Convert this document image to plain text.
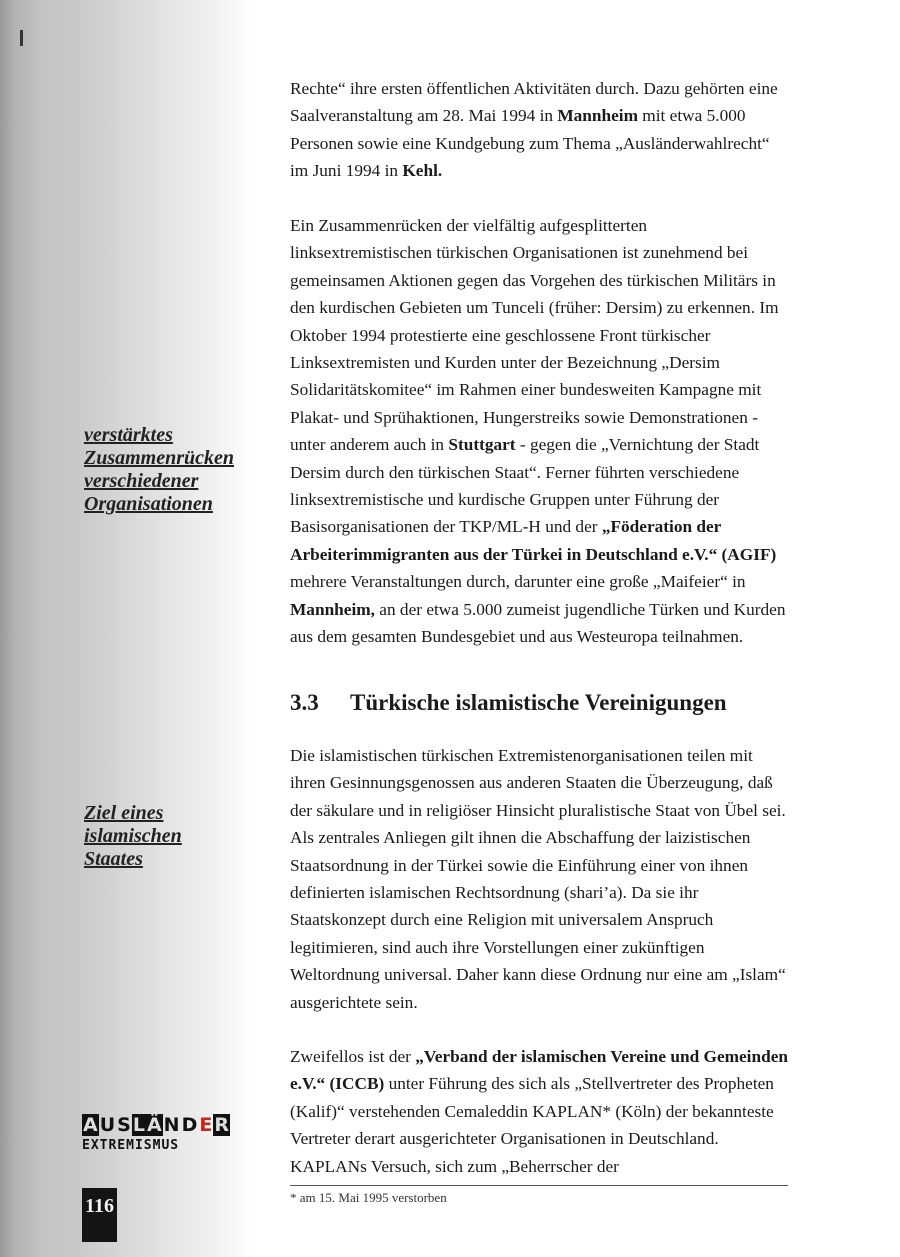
verstärktes
Zusammenrücken
verschiedener
Organisationen
Ziel eines
islamischen
Staates
A U S L Ä N D E R
EXTREMISMUS
116

Rechte“ ihre ersten öffentlichen Aktivitäten durch. Dazu gehörten eine Saalveranstaltung am 28. Mai 1994 in Mannheim mit etwa 5.000 Personen sowie eine Kundgebung zum Thema „Ausländerwahlrecht“ im Juni 1994 in Kehl.

Ein Zusammenrücken der vielfältig aufgesplitterten linksextremistischen türkischen Organisationen ist zunehmend bei gemeinsamen Aktionen gegen das Vorgehen des türkischen Militärs in den kurdischen Gebieten um Tunceli (früher: Dersim) zu erkennen. Im Oktober 1994 protestierte eine geschlossene Front türkischer Linksextremisten und Kurden unter der Bezeichnung „Dersim Solidaritätskomitee“ im Rahmen einer bundesweiten Kampagne mit Plakat- und Sprühaktionen, Hungerstreiks sowie Demonstrationen - unter anderem auch in Stuttgart - gegen die „Vernichtung der Stadt Dersim durch den türkischen Staat“. Ferner führten verschiedene linksextremistische und kurdische Gruppen unter Führung der Basisorganisationen der TKP/ML-H und der „Föderation der Arbeiterimmigranten aus der Türkei in Deutschland e.V.“ (AGIF) mehrere Veranstaltungen durch, darunter eine große „Maifeier“ in Mannheim, an der etwa 5.000 zumeist jugendliche Türken und Kurden aus dem gesamten Bundesgebiet und aus Westeuropa teilnahmen.

3.3 Türkische islamistische Vereinigungen

Die islamistischen türkischen Extremistenorganisationen teilen mit ihren Gesinnungsgenossen aus anderen Staaten die Überzeugung, daß der säkulare und in religiöser Hinsicht pluralistische Staat von Übel sei. Als zentrales Anliegen gilt ihnen die Abschaffung der laizistischen Staatsordnung in der Türkei sowie die Einführung einer von ihnen definierten islamischen Rechtsordnung (shari’a). Da sie ihr Staatskonzept durch eine Religion mit universalem Anspruch legitimieren, sind auch ihre Vorstellungen einer zukünftigen Weltordnung universal. Daher kann diese Ordnung nur eine am „Islam“ ausgerichtete sein.

Zweifellos ist der „Verband der islamischen Vereine und Gemeinden e.V.“ (ICCB) unter Führung des sich als „Stellvertreter des Propheten (Kalif)“ verstehenden Cemaleddin KAPLAN* (Köln) der bekannteste Vertreter derart ausgerichteter Organisationen in Deutschland. KAPLANs Versuch, sich zum „Beherrscher der

* am 15. Mai 1995 verstorben
